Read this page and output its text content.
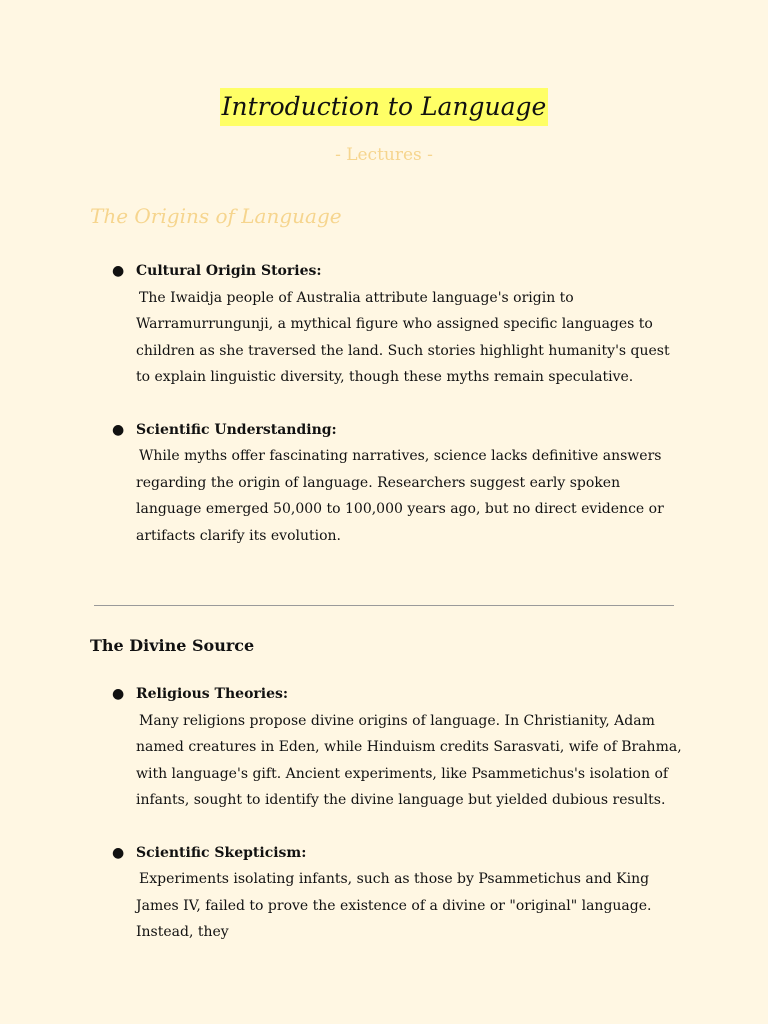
Introduction to Language
- Lectures -
The Origins of Language
● Cultural Origin Stories:
The Iwaidja people of Australia attribute language's origin to Warramurrungunji, a mythical figure who assigned specific languages to children as she traversed the land. Such stories highlight humanity's quest to explain linguistic diversity, though these myths remain speculative.
● Scientific Understanding:
While myths offer fascinating narratives, science lacks definitive answers regarding the origin of language. Researchers suggest early spoken language emerged 50,000 to 100,000 years ago, but no direct evidence or artifacts clarify its evolution.
The Divine Source
● Religious Theories:
Many religions propose divine origins of language. In Christianity, Adam named creatures in Eden, while Hinduism credits Sarasvati, wife of Brahma, with language's gift. Ancient experiments, like Psammetichus's isolation of infants, sought to identify the divine language but yielded dubious results.
● Scientific Skepticism:
Experiments isolating infants, such as those by Psammetichus and King James IV, failed to prove the existence of a divine or "original" language. Instead, they
